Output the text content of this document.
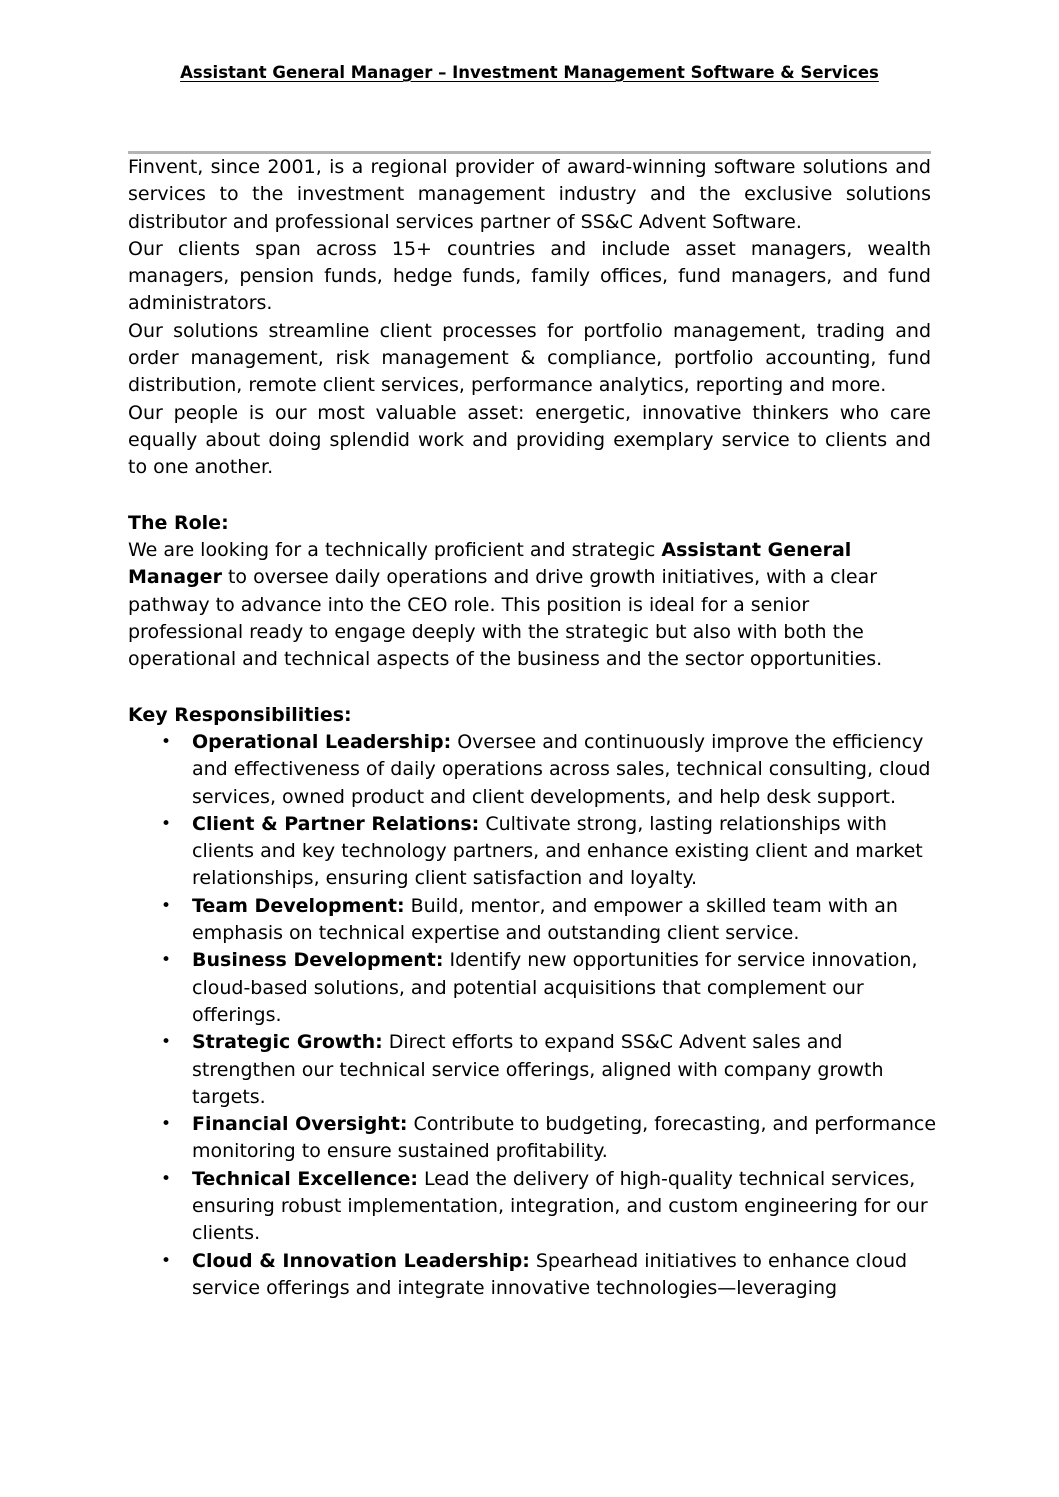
Assistant General Manager – Investment Management Software & Services
Finvent, since 2001, is a regional provider of award-winning software solutions and services to the investment management industry and the exclusive solutions distributor and professional services partner of SS&C Advent Software.
Our clients span across 15+ countries and include asset managers, wealth managers, pension funds, hedge funds, family offices, fund managers, and fund administrators.
Our solutions streamline client processes for portfolio management, trading and order management, risk management & compliance, portfolio accounting, fund distribution, remote client services, performance analytics, reporting and more.
Our people is our most valuable asset: energetic, innovative thinkers who care equally about doing splendid work and providing exemplary service to clients and to one another.
The Role:
We are looking for a technically proficient and strategic Assistant General Manager to oversee daily operations and drive growth initiatives, with a clear pathway to advance into the CEO role. This position is ideal for a senior professional ready to engage deeply with the strategic but also with both the operational and technical aspects of the business and the sector opportunities.
Key Responsibilities:
• Operational Leadership: Oversee and continuously improve the efficiency and effectiveness of daily operations across sales, technical consulting, cloud services, owned product and client developments, and help desk support.
• Client & Partner Relations: Cultivate strong, lasting relationships with clients and key technology partners, and enhance existing client and market relationships, ensuring client satisfaction and loyalty.
• Team Development: Build, mentor, and empower a skilled team with an emphasis on technical expertise and outstanding client service.
• Business Development: Identify new opportunities for service innovation, cloud-based solutions, and potential acquisitions that complement our offerings.
• Strategic Growth: Direct efforts to expand SS&C Advent sales and strengthen our technical service offerings, aligned with company growth targets.
• Financial Oversight: Contribute to budgeting, forecasting, and performance monitoring to ensure sustained profitability.
• Technical Excellence: Lead the delivery of high-quality technical services, ensuring robust implementation, integration, and custom engineering for our clients.
• Cloud & Innovation Leadership: Spearhead initiatives to enhance cloud service offerings and integrate innovative technologies—leveraging
